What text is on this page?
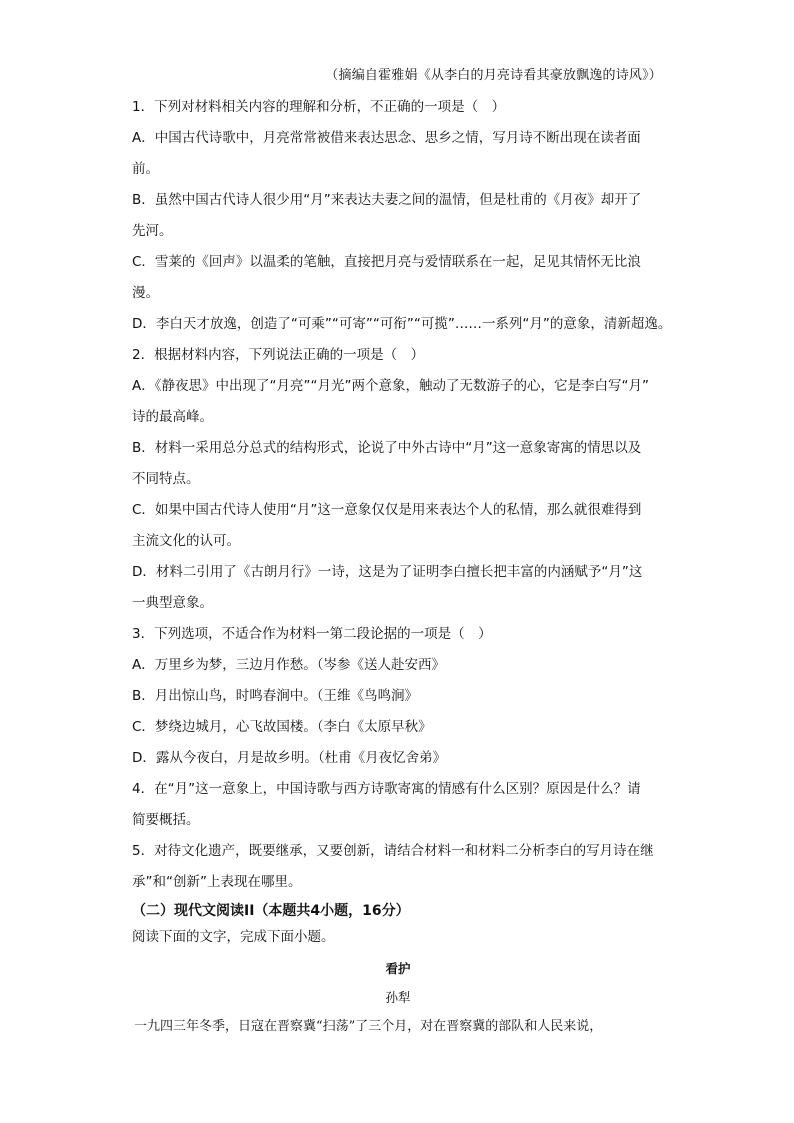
（摘编自霍雅娟《从李白的月亮诗看其豪放飘逸的诗风》）
1．下列对材料相关内容的理解和分析，不正确的一项是（　）
A．中国古代诗歌中，月亮常常被借来表达思念、思乡之情，写月诗不断出现在读者面
前。
B．虽然中国古代诗人很少用“月”来表达夫妻之间的温情，但是杜甫的《月夜》却开了
先河。
C．雪莱的《回声》以温柔的笔触，直接把月亮与爱情联系在一起，足见其情怀无比浪
漫。
D．李白天才放逸，创造了“可乘”“可寄”“可衔”“可揽”……一系列“月”的意象，清新超逸。
2．根据材料内容，下列说法正确的一项是（　）
A．《静夜思》中出现了“月亮”“月光”两个意象，触动了无数游子的心，它是李白写“月”
诗的最高峰。
B．材料一采用总分总式的结构形式，论说了中外古诗中“月”这一意象寄寓的情思以及
不同特点。
C．如果中国古代诗人使用“月”这一意象仅仅是用来表达个人的私情，那么就很难得到
主流文化的认可。
D．材料二引用了《古朗月行》一诗，这是为了证明李白擅长把丰富的内涵赋予“月”这
一典型意象。
3．下列选项，不适合作为材料一第二段论据的一项是（　）
A．万里乡为梦，三边月作愁。（岑参《送人赴安西》
B．月出惊山鸟，时鸣春涧中。（王维《鸟鸣涧》
C．梦绕边城月，心飞故国楼。（李白《太原早秋》
D．露从今夜白，月是故乡明。（杜甫《月夜忆舍弟》
4．在“月”这一意象上，中国诗歌与西方诗歌寄寓的情感有什么区别？原因是什么？请
简要概括。
5．对待文化遗产，既要继承，又要创新，请结合材料一和材料二分析李白的写月诗在继
承”和“创新”上表现在哪里。
（二）现代文阅读II（本题共4小题，16分）
阅读下面的文字，完成下面小题。
看护
孙犁
一九四三年冬季，日寇在晋察冀“扫荡”了三个月，对在晋察冀的部队和人民来说，
